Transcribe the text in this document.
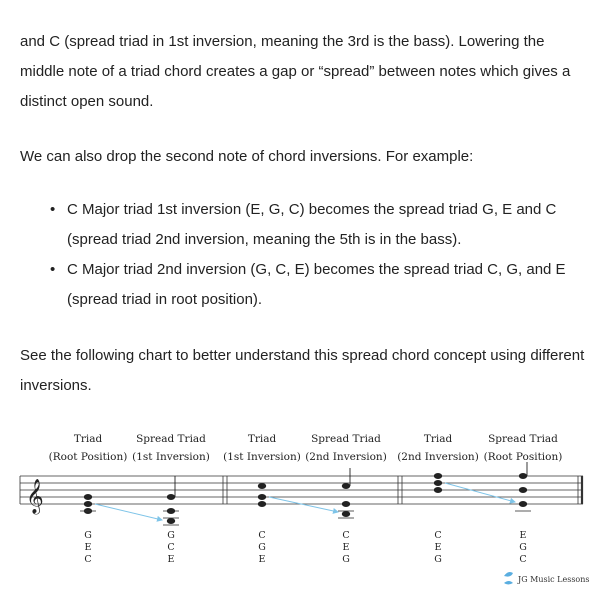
and C (spread triad in 1st inversion, meaning the 3rd is the bass). Lowering the middle note of a triad chord creates a gap or “spread” between notes which gives a distinct open sound.

We can also drop the second note of chord inversions. For example:

• C Major triad 1st inversion (E, G, C) becomes the spread triad G, E and C (spread triad 2nd inversion, meaning the 5th is in the bass).
• C Major triad 2nd inversion (G, C, E) becomes the spread triad C, G, and E (spread triad in root position).

See the following chart to better understand this spread chord concept using different inversions.

Triad
(Root Position)
Spread Triad
(1st Inversion)
Triad
(1st Inversion)
Spread Triad
(2nd Inversion)
Triad
(2nd Inversion)
Spread Triad
(Root Position)
𝄞
G
E
C
G
C
E
C
G
E
C
E
G
C
E
G
E
G
C
JG Music Lessons
